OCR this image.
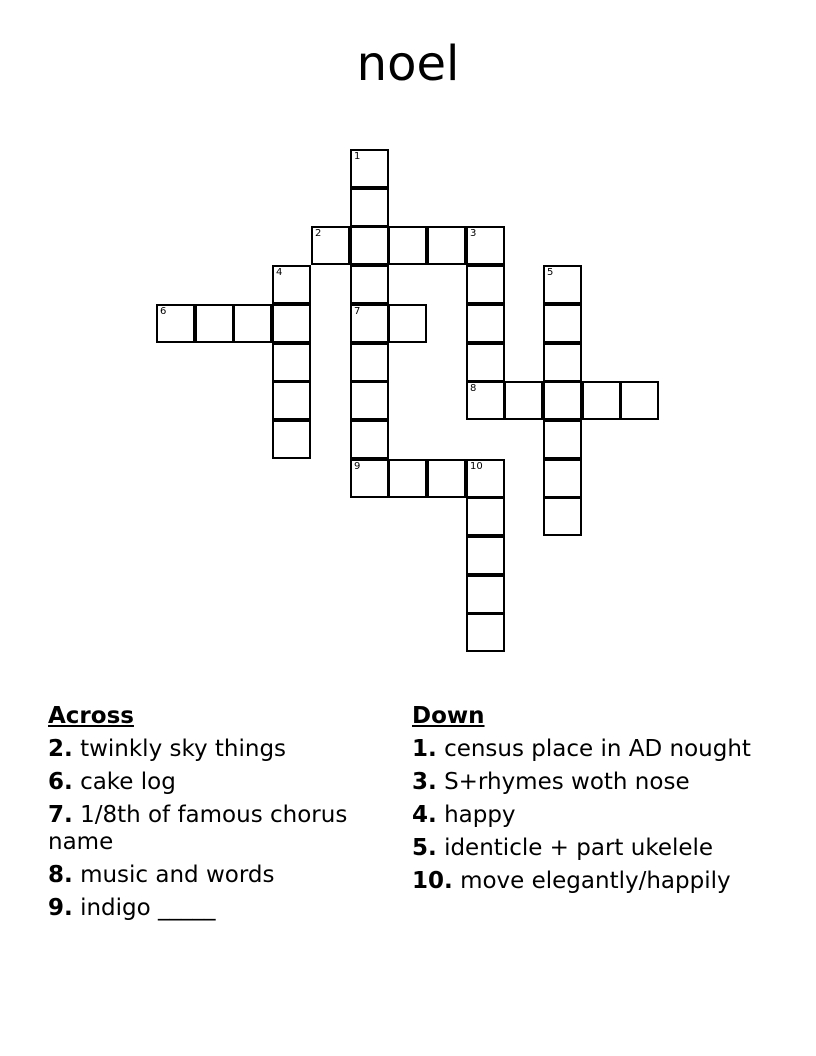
noel
1
2	3
4	5
6	7
8
9	10
Across
2. twinkly sky things
6. cake log
7. 1/8th of famous chorus name
8. music and words
9. indigo _____
Down
1. census place in AD nought
3. S+rhymes woth nose
4. happy
5. identicle + part ukelele
10. move elegantly/happily
